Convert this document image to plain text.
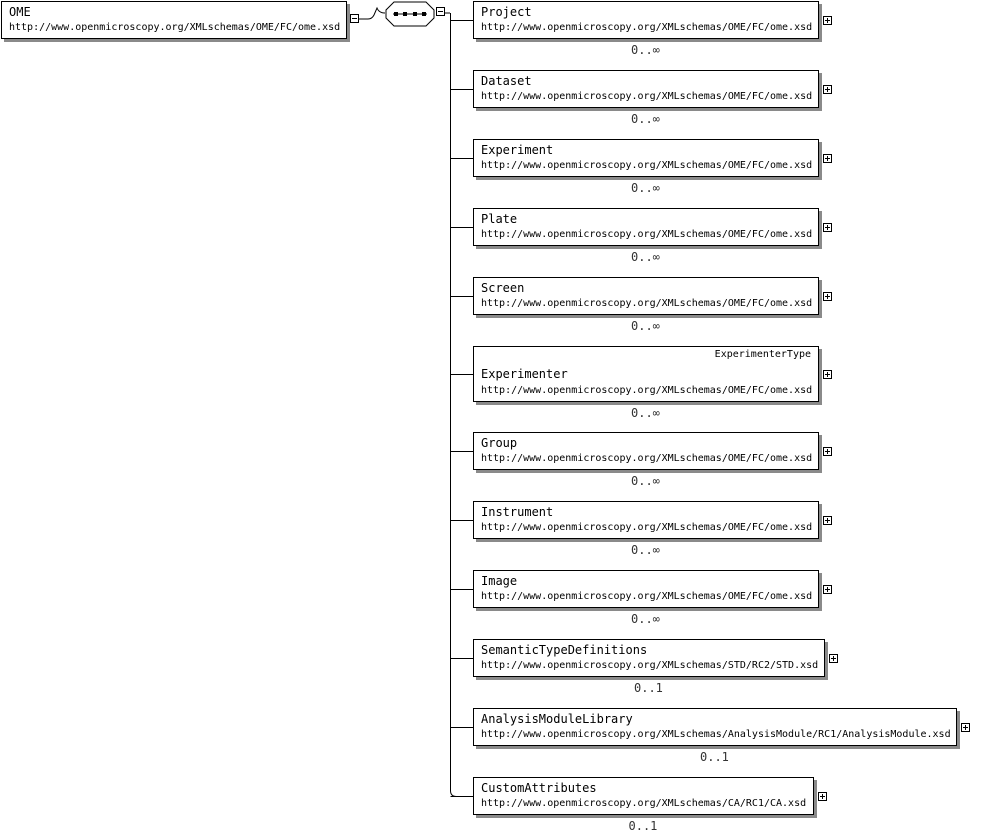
OME
http://www.openmicroscopy.org/XMLschemas/OME/FC/ome.xsd
Project
http://www.openmicroscopy.org/XMLschemas/OME/FC/ome.xsd
0..∞
Dataset
http://www.openmicroscopy.org/XMLschemas/OME/FC/ome.xsd
0..∞
Experiment
http://www.openmicroscopy.org/XMLschemas/OME/FC/ome.xsd
0..∞
Plate
http://www.openmicroscopy.org/XMLschemas/OME/FC/ome.xsd
0..∞
Screen
http://www.openmicroscopy.org/XMLschemas/OME/FC/ome.xsd
0..∞
ExperimenterType
Experimenter
http://www.openmicroscopy.org/XMLschemas/OME/FC/ome.xsd
0..∞
Group
http://www.openmicroscopy.org/XMLschemas/OME/FC/ome.xsd
0..∞
Instrument
http://www.openmicroscopy.org/XMLschemas/OME/FC/ome.xsd
0..∞
Image
http://www.openmicroscopy.org/XMLschemas/OME/FC/ome.xsd
0..∞
SemanticTypeDefinitions
http://www.openmicroscopy.org/XMLschemas/STD/RC2/STD.xsd
0..1
AnalysisModuleLibrary
http://www.openmicroscopy.org/XMLschemas/AnalysisModule/RC1/AnalysisModule.xsd
0..1
CustomAttributes
http://www.openmicroscopy.org/XMLschemas/CA/RC1/CA.xsd
0..1
